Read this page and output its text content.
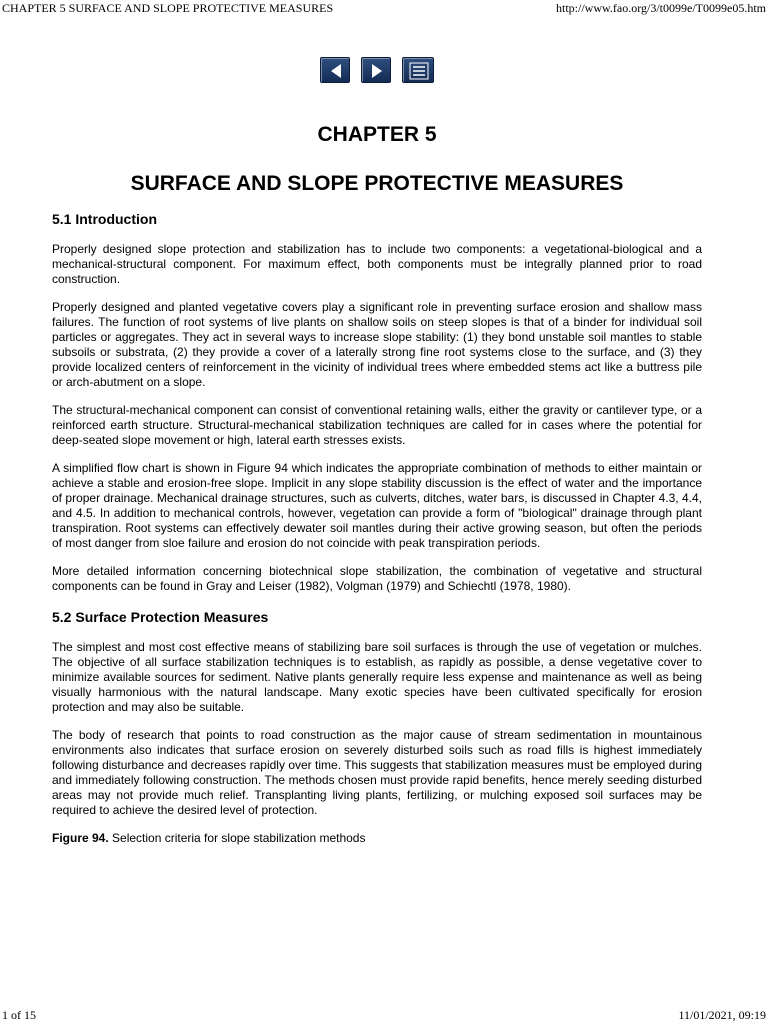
CHAPTER 5 SURFACE AND SLOPE PROTECTIVE MEASURES	http://www.fao.org/3/t0099e/T0099e05.htm
CHAPTER 5
SURFACE AND SLOPE PROTECTIVE MEASURES
5.1 Introduction

Properly designed slope protection and stabilization has to include two components: a vegetational-biological and a mechanical-structural component. For maximum effect, both components must be integrally planned prior to road construction.

Properly designed and planted vegetative covers play a significant role in preventing surface erosion and shallow mass failures. The function of root systems of live plants on shallow soils on steep slopes is that of a binder for individual soil particles or aggregates. They act in several ways to increase slope stability: (1) they bond unstable soil mantles to stable subsoils or substrata, (2) they provide a cover of a laterally strong fine root systems close to the surface, and (3) they provide localized centers of reinforcement in the vicinity of individual trees where embedded stems act like a buttress pile or arch-abutment on a slope.

The structural-mechanical component can consist of conventional retaining walls, either the gravity or cantilever type, or a reinforced earth structure. Structural-mechanical stabilization techniques are called for in cases where the potential for deep-seated slope movement or high, lateral earth stresses exists.

A simplified flow chart is shown in Figure 94 which indicates the appropriate combination of methods to either maintain or achieve a stable and erosion-free slope. Implicit in any slope stability discussion is the effect of water and the importance of proper drainage. Mechanical drainage structures, such as culverts, ditches, water bars, is discussed in Chapter 4.3, 4.4, and 4.5. In addition to mechanical controls, however, vegetation can provide a form of "biological" drainage through plant transpiration. Root systems can effectively dewater soil mantles during their active growing season, but often the periods of most danger from sloe failure and erosion do not coincide with peak transpiration periods.

More detailed information concerning biotechnical slope stabilization, the combination of vegetative and structural components can be found in Gray and Leiser (1982), Volgman (1979) and Schiechtl (1978, 1980).

5.2 Surface Protection Measures

The simplest and most cost effective means of stabilizing bare soil surfaces is through the use of vegetation or mulches. The objective of all surface stabilization techniques is to establish, as rapidly as possible, a dense vegetative cover to minimize available sources for sediment. Native plants generally require less expense and maintenance as well as being visually harmonious with the natural landscape. Many exotic species have been cultivated specifically for erosion protection and may also be suitable.

The body of research that points to road construction as the major cause of stream sedimentation in mountainous environments also indicates that surface erosion on severely disturbed soils such as road fills is highest immediately following disturbance and decreases rapidly over time. This suggests that stabilization measures must be employed during and immediately following construction. The methods chosen must provide rapid benefits, hence merely seeding disturbed areas may not provide much relief. Transplanting living plants, fertilizing, or mulching exposed soil surfaces may be required to achieve the desired level of protection.

Figure 94. Selection criteria for slope stabilization methods

1 of 15	11/01/2021, 09:19
